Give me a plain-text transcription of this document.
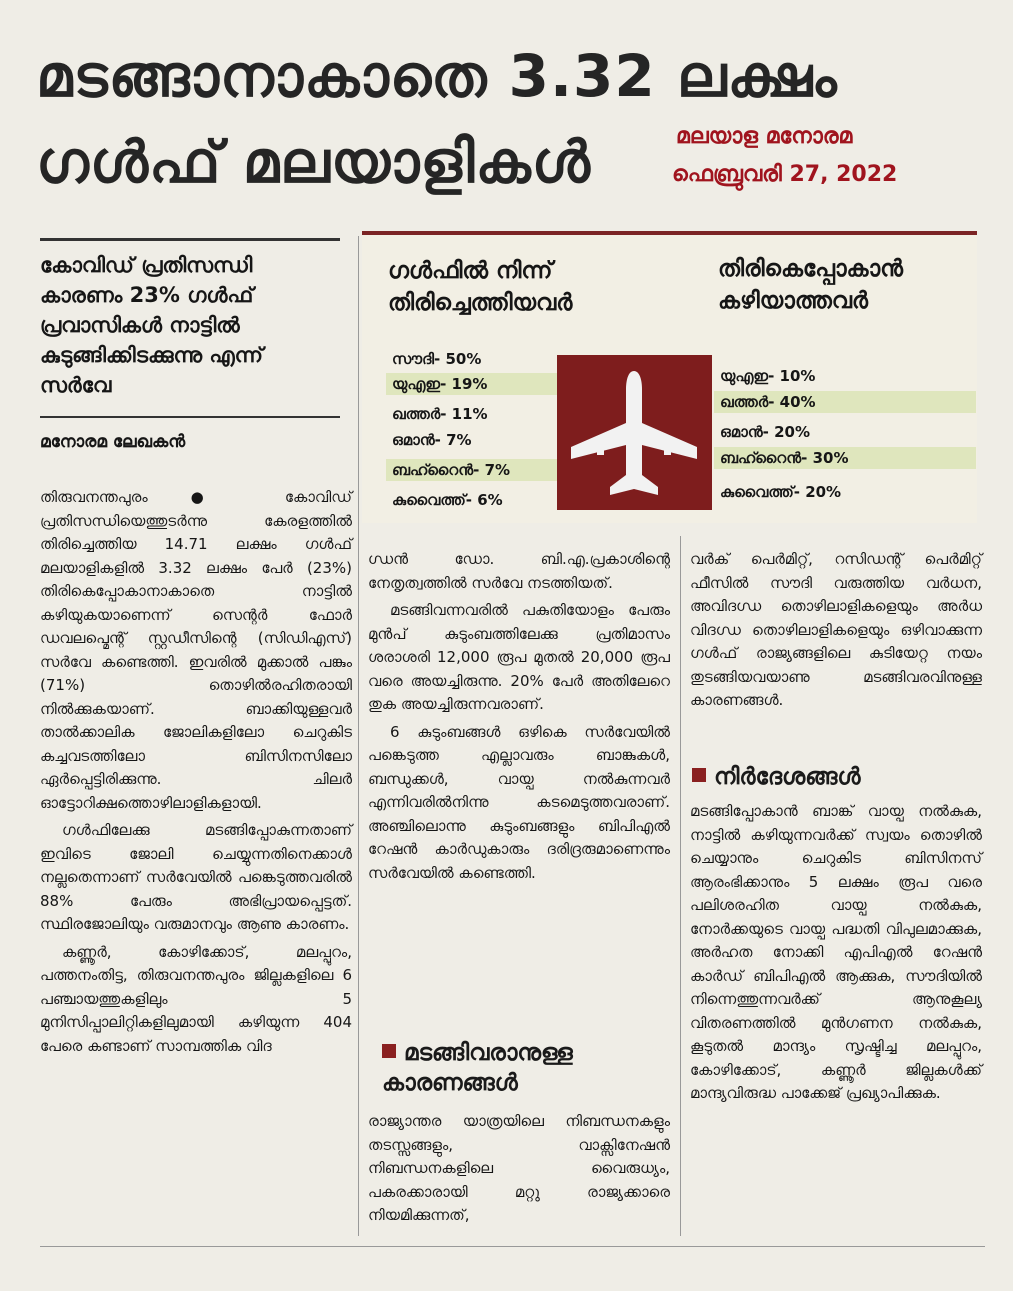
മടങ്ങാനാകാതെ 3.32 ലക്ഷം
ഗൾഫ് മലയാളികൾ	മലയാള മനോരമ
ഫെബ്രുവരി 27, 2022
കോവിഡ് പ്രതിസന്ധി കാരണം 23% ഗൾഫ് പ്രവാസികൾ നാട്ടിൽ കുടുങ്ങിക്കിടക്കുന്നു എന്ന് സർവേ
മനോരമ ലേഖകൻ

തിരുവനന്തപുരം ● കോവിഡ് പ്രതിസന്ധിയെത്തുടർന്നു കേരളത്തിൽ തിരിച്ചെത്തിയ 14.71 ലക്ഷം ഗൾഫ് മലയാളികളിൽ 3.32 ലക്ഷം പേർ (23%) തിരികെപ്പോകാനാകാതെ നാട്ടിൽ കഴിയുകയാണെന്ന് സെന്റർ ഫോർ ഡവലപ്മെന്റ് സ്റ്റഡീസിന്റെ (സിഡിഎസ്) സർവേ കണ്ടെത്തി. ഇവരിൽ മുക്കാൽ പങ്കും (71%) തൊഴിൽരഹിതരായി നിൽക്കുകയാണ്. ബാക്കിയുള്ളവർ താൽക്കാലിക ജോലികളിലോ ചെറുകിട കച്ചവടത്തിലോ ബിസിനസിലോ ഏർപ്പെട്ടിരിക്കുന്നു. ചിലർ ഓട്ടോറിക്ഷത്തൊഴിലാളികളായി.

ഗൾഫിലേക്കു മടങ്ങിപ്പോകുന്നതാണ് ഇവിടെ ജോലി ചെയ്യുന്നതിനെക്കാൾ നല്ലതെന്നാണ് സർവേയിൽ പങ്കെടുത്തവരിൽ 88% പേരും അഭിപ്രായപ്പെട്ടത്. സ്ഥിരജോലിയും വരുമാനവും ആണു കാരണം.

കണ്ണൂർ, കോഴിക്കോട്, മലപ്പുറം, പത്തനംതിട്ട, തിരുവനന്തപുരം ജില്ലകളിലെ 6 പഞ്ചായത്തുകളിലും 5 മുനിസിപ്പാലിറ്റികളിലുമായി കഴിയുന്ന 404 പേരെ കണ്ടാണ് സാമ്പത്തിക വിദ

ഗൾഫിൽ നിന്ന് തിരിച്ചെത്തിയവർ
തിരികെപ്പോകാൻ കഴിയാത്തവർ
സൗദി- 50%
യുഎഇ- 19%
ഖത്തർ- 11%
ഒമാൻ- 7%
ബഹ്റൈൻ- 7%
കുവൈത്ത്- 6%
യുഎഇ- 10%
ഖത്തർ- 40%
ഒമാൻ- 20%
ബഹ്റൈൻ- 30%
കുവൈത്ത്- 20%

ഗ്ധൻ ഡോ. ബി.എ.പ്രകാശിന്റെ നേതൃത്വത്തിൽ സർവേ നടത്തിയത്.

മടങ്ങിവന്നവരിൽ പകുതിയോളം പേരും മുൻപ് കുടുംബത്തിലേക്കു പ്രതിമാസം ശരാശരി 12,000 രൂപ മുതൽ 20,000 രൂപ വരെ അയച്ചിരുന്നു. 20% പേർ അതിലേറെ തുക അയച്ചിരുന്നവരാണ്.

6 കുടുംബങ്ങൾ ഒഴികെ സർവേയിൽ പങ്കെടുത്ത എല്ലാവരും ബാങ്കുകൾ, ബന്ധുക്കൾ, വായ്പ നൽകുന്നവർ എന്നിവരിൽനിന്നു കടമെടുത്തവരാണ്. അഞ്ചിലൊന്നു കുടുംബങ്ങളും ബിപിഎൽ റേഷൻ കാർഡുകാരും ദരിദ്രരുമാണെന്നും സർവേയിൽ കണ്ടെത്തി.

മടങ്ങിവരാനുള്ള കാരണങ്ങൾ

രാജ്യാന്തര യാത്രയിലെ നിബന്ധനകളും തടസ്സങ്ങളും, വാക്സിനേഷൻ നിബന്ധനകളിലെ വൈരുധ്യം, പകരക്കാരായി മറ്റു രാജ്യക്കാരെ നിയമിക്കുന്നത്,

വർക് പെർമിറ്റ്, റസിഡന്റ് പെർമിറ്റ് ഫീസിൽ സൗദി വരുത്തിയ വർധന, അവിദഗ്ധ തൊഴിലാളികളെയും അർധ വിദഗ്ധ തൊഴിലാളികളെയും ഒഴിവാക്കുന്ന ഗൾഫ് രാജ്യങ്ങളിലെ കുടിയേറ്റ നയം തുടങ്ങിയവയാണു മടങ്ങിവരവിനുള്ള കാരണങ്ങൾ.

നിർദേശങ്ങൾ

മടങ്ങിപ്പോകാൻ ബാങ്ക് വായ്പ നൽകുക, നാട്ടിൽ കഴിയുന്നവർക്ക് സ്വയം തൊഴിൽ ചെയ്യാനും ചെറുകിട ബിസിനസ് ആരംഭിക്കാനും 5 ലക്ഷം രൂപ വരെ പലിശരഹിത വായ്പ നൽകുക, നോർക്കയുടെ വായ്പ പദ്ധതി വിപുലമാക്കുക, അർഹത നോക്കി എപിഎൽ റേഷൻ കാർഡ് ബിപിഎൽ ആക്കുക, സൗദിയിൽ നിന്നെത്തുന്നവർക്ക് ആനുകൂല്യ വിതരണത്തിൽ മുൻഗണന നൽകുക, കൂടുതൽ മാന്ദ്യം സൃഷ്ടിച്ച മലപ്പുറം, കോഴിക്കോട്, കണ്ണൂർ ജില്ലകൾക്ക് മാന്ദ്യവിരുദ്ധ പാക്കേജ് പ്രഖ്യാപിക്കുക.
